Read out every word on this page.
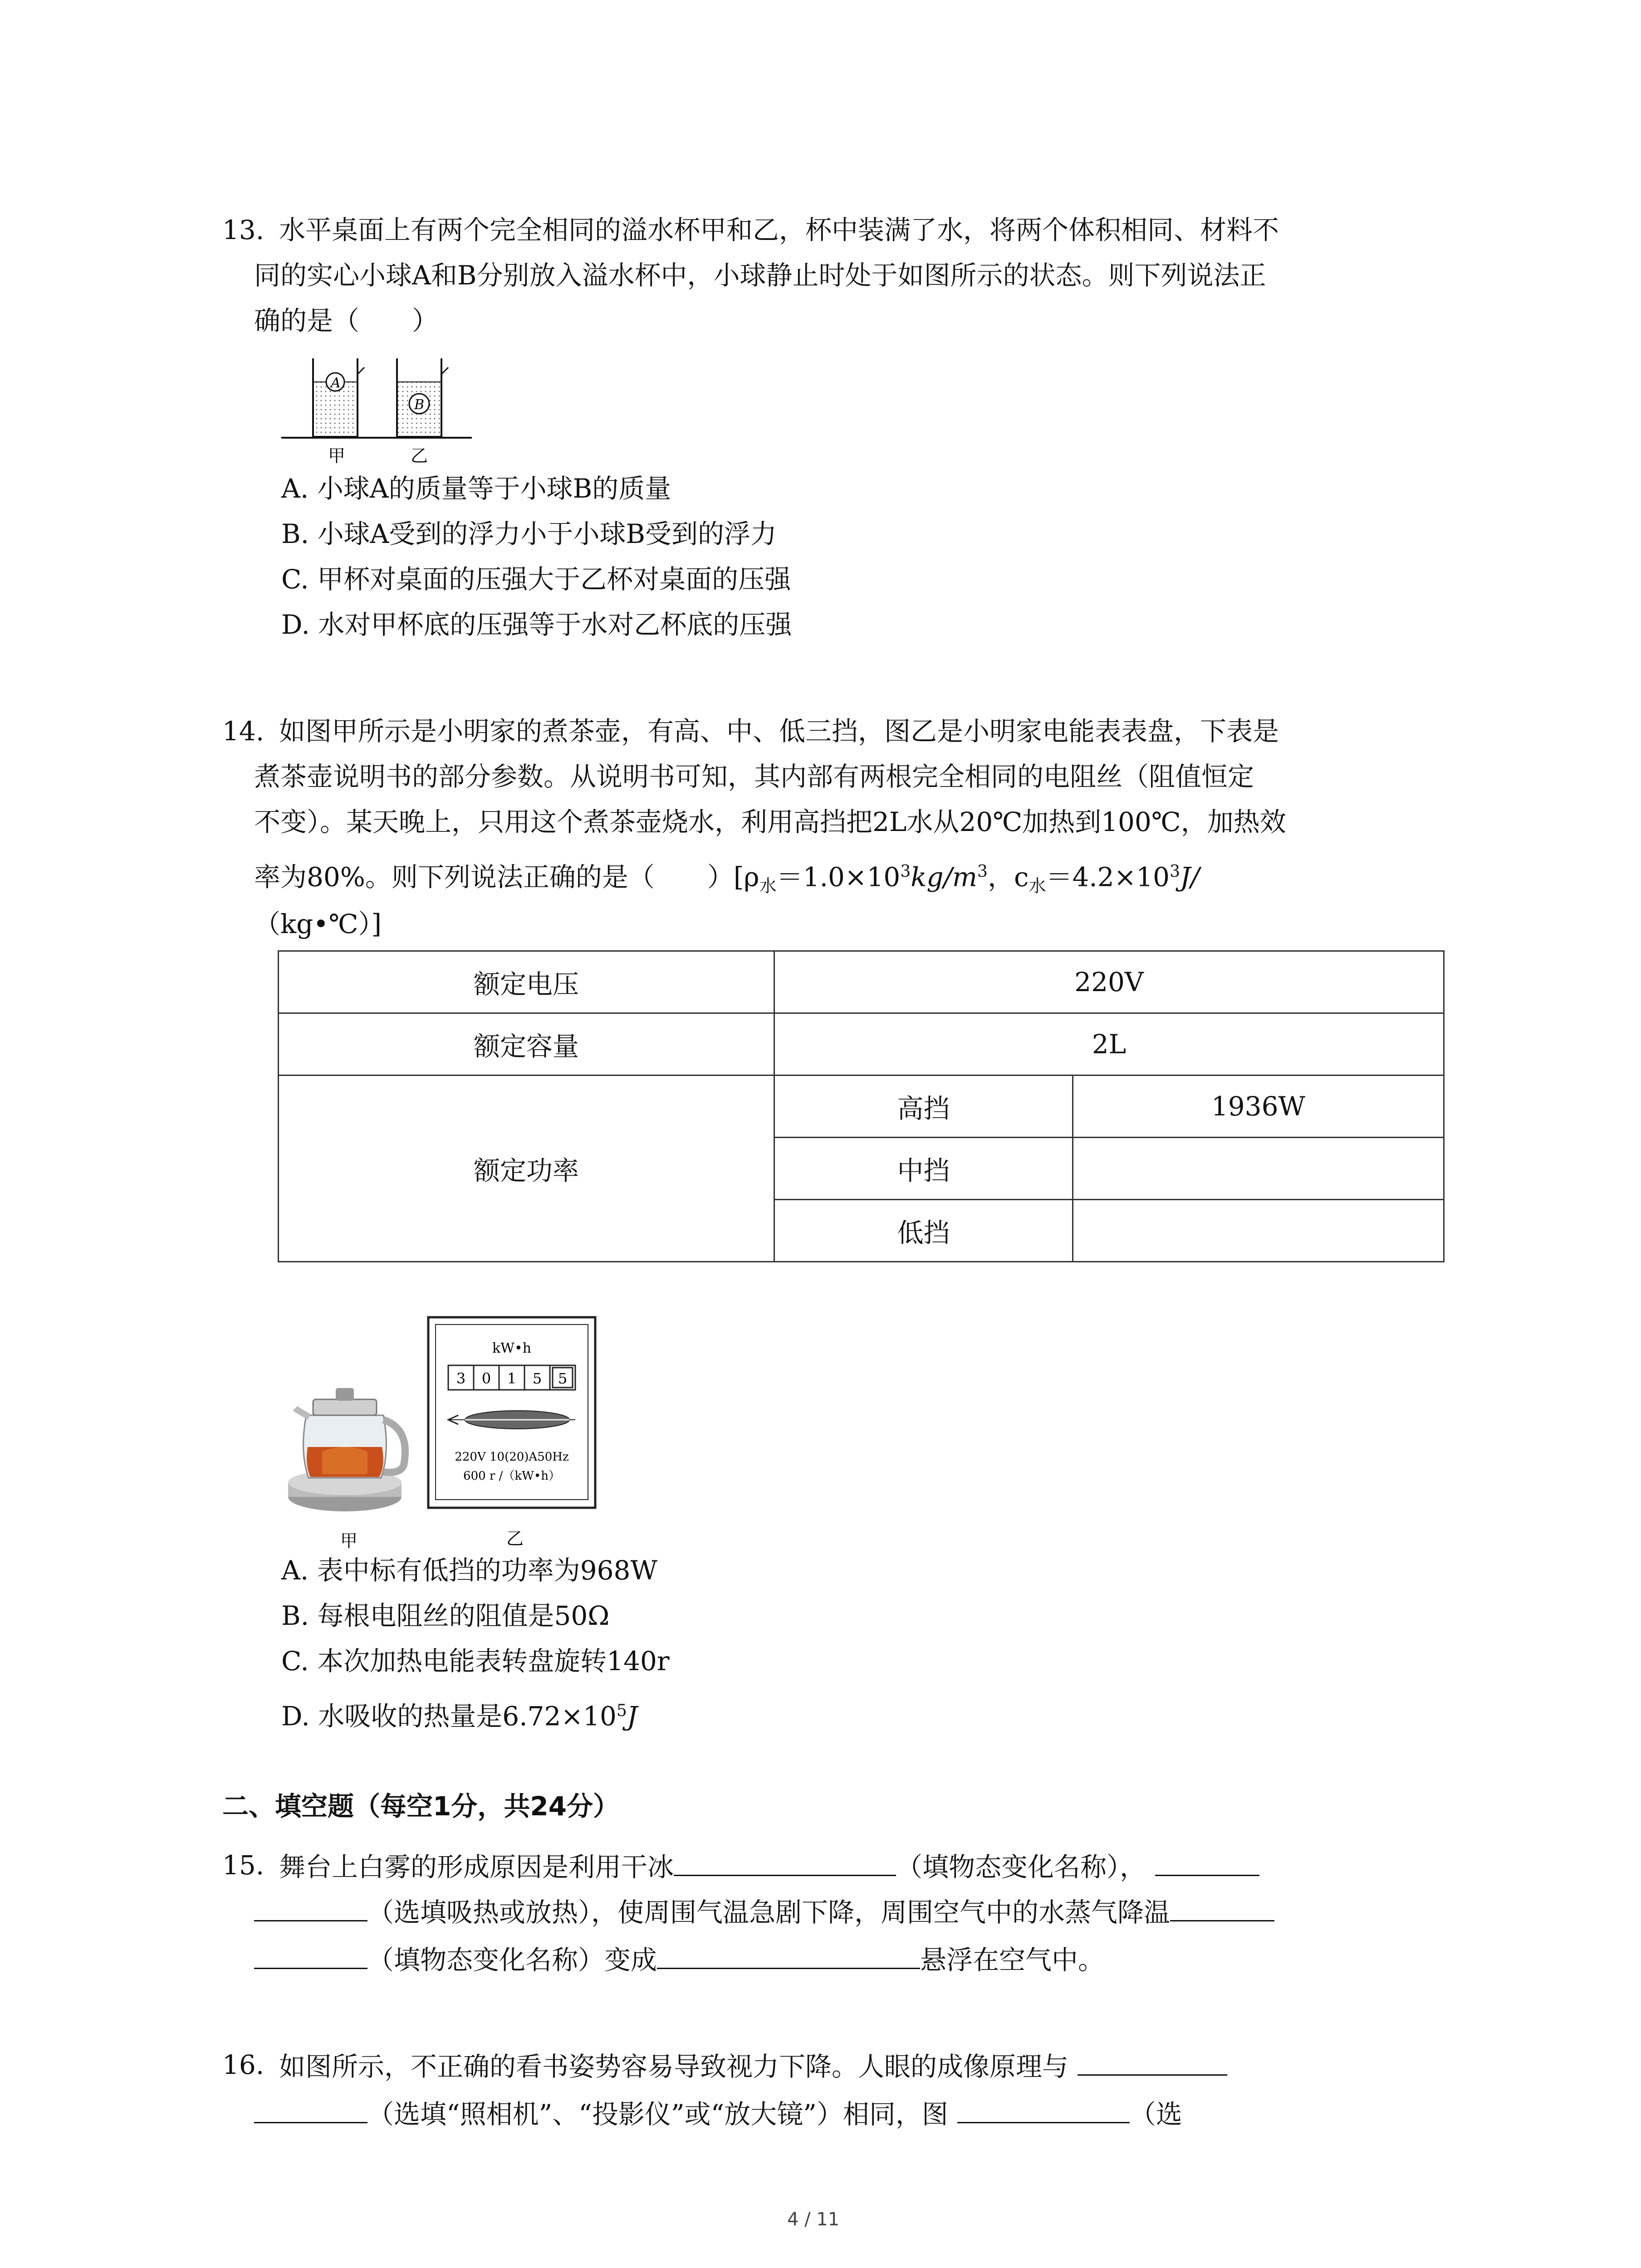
13. 水平桌面上有两个完全相同的溢水杯甲和乙，杯中装满了水，将两个体积相同、材料不
同的实心小球A和B分别放入溢水杯中，小球静止时处于如图所示的状态。则下列说法正
确的是（　　）
A
B
甲	乙
A. 小球A的质量等于小球B的质量
B. 小球A受到的浮力小于小球B受到的浮力
C. 甲杯对桌面的压强大于乙杯对桌面的压强
D. 水对甲杯底的压强等于水对乙杯底的压强
14. 如图甲所示是小明家的煮茶壶，有高、中、低三挡，图乙是小明家电能表表盘，下表是
煮茶壶说明书的部分参数。从说明书可知，其内部有两根完全相同的电阻丝（阻值恒定
不变）。某天晚上，只用这个煮茶壶烧水，利用高挡把2L水从20℃加热到100℃，加热效
率为80%。则下列说法正确的是（　　）[$\rho_水=1.0\times 10^3kg/m^3$，$c_水=4.2\times 10^3J/$
（kg•℃）]
额定电压	220V	
额定容量	2L	
额定功率	高挡	1936W
	中挡	
	低挡	
甲
kW•h
3 0 1 5 5
220V 10(20)A50Hz
600 r /（kW•h）
乙
A. 表中标有低挡的功率为968W
B. 每根电阻丝的阻值是50Ω
C. 本次加热电能表转盘旋转140r
D. 水吸收的热量是$6.72\times 10^5J$
二、填空题（每空1分，共24分）
15. 舞台上白雾的形成原因是利用干冰	（填物态变化名称），
（选填吸热或放热），使周围气温急剧下降，周围空气中的水蒸气降温
（填物态变化名称）变成	悬浮在空气中。
16. 如图所示，不正确的看书姿势容易导致视力下降。人眼的成像原理与
（选填“照相机”、“投影仪”或“放大镜”）相同，图	（选
4 / 11
